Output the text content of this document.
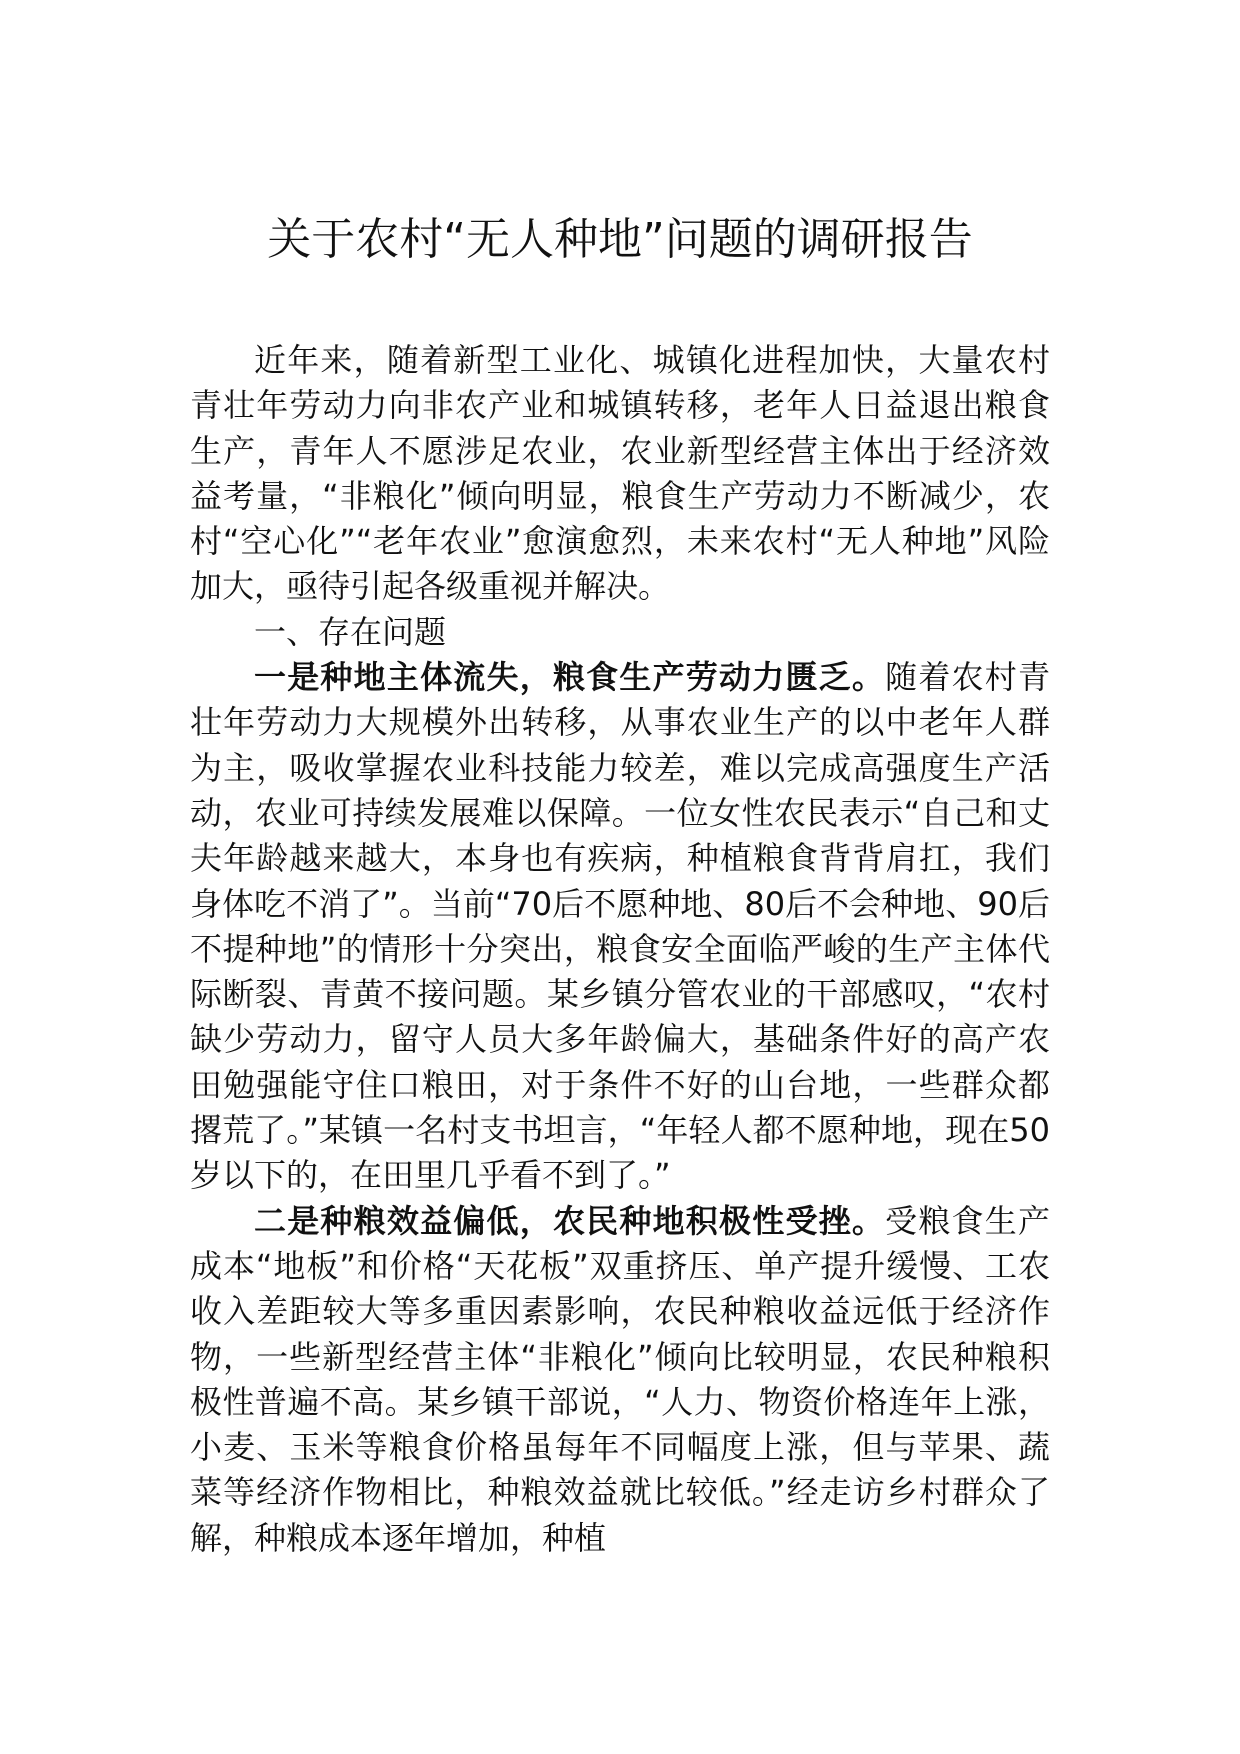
关于农村“无人种地”问题的调研报告

近年来，随着新型工业化、城镇化进程加快，大量农村青壮年劳动力向非农产业和城镇转移，老年人日益退出粮食生产，青年人不愿涉足农业，农业新型经营主体出于经济效益考量，“非粮化”倾向明显，粮食生产劳动力不断减少，农村“空心化”“老年农业”愈演愈烈，未来农村“无人种地”风险加大，亟待引起各级重视并解决。

一、存在问题

一是种地主体流失，粮食生产劳动力匮乏。随着农村青壮年劳动力大规模外出转移，从事农业生产的以中老年人群为主，吸收掌握农业科技能力较差，难以完成高强度生产活动，农业可持续发展难以保障。一位女性农民表示“自己和丈夫年龄越来越大，本身也有疾病，种植粮食背背肩扛，我们身体吃不消了”。当前“70后不愿种地、80后不会种地、90后不提种地”的情形十分突出，粮食安全面临严峻的生产主体代际断裂、青黄不接问题。某乡镇分管农业的干部感叹，“农村缺少劳动力，留守人员大多年龄偏大，基础条件好的高产农田勉强能守住口粮田，对于条件不好的山台地，一些群众都撂荒了。”某镇一名村支书坦言，“年轻人都不愿种地，现在50岁以下的，在田里几乎看不到了。”

二是种粮效益偏低，农民种地积极性受挫。受粮食生产成本“地板”和价格“天花板”双重挤压、单产提升缓慢、工农收入差距较大等多重因素影响，农民种粮收益远低于经济作物，一些新型经营主体“非粮化”倾向比较明显，农民种粮积极性普遍不高。某乡镇干部说，“人力、物资价格连年上涨，小麦、玉米等粮食价格虽每年不同幅度上涨，但与苹果、蔬菜等经济作物相比，种粮效益就比较低。”经走访乡村群众了解，种粮成本逐年增加，种植
